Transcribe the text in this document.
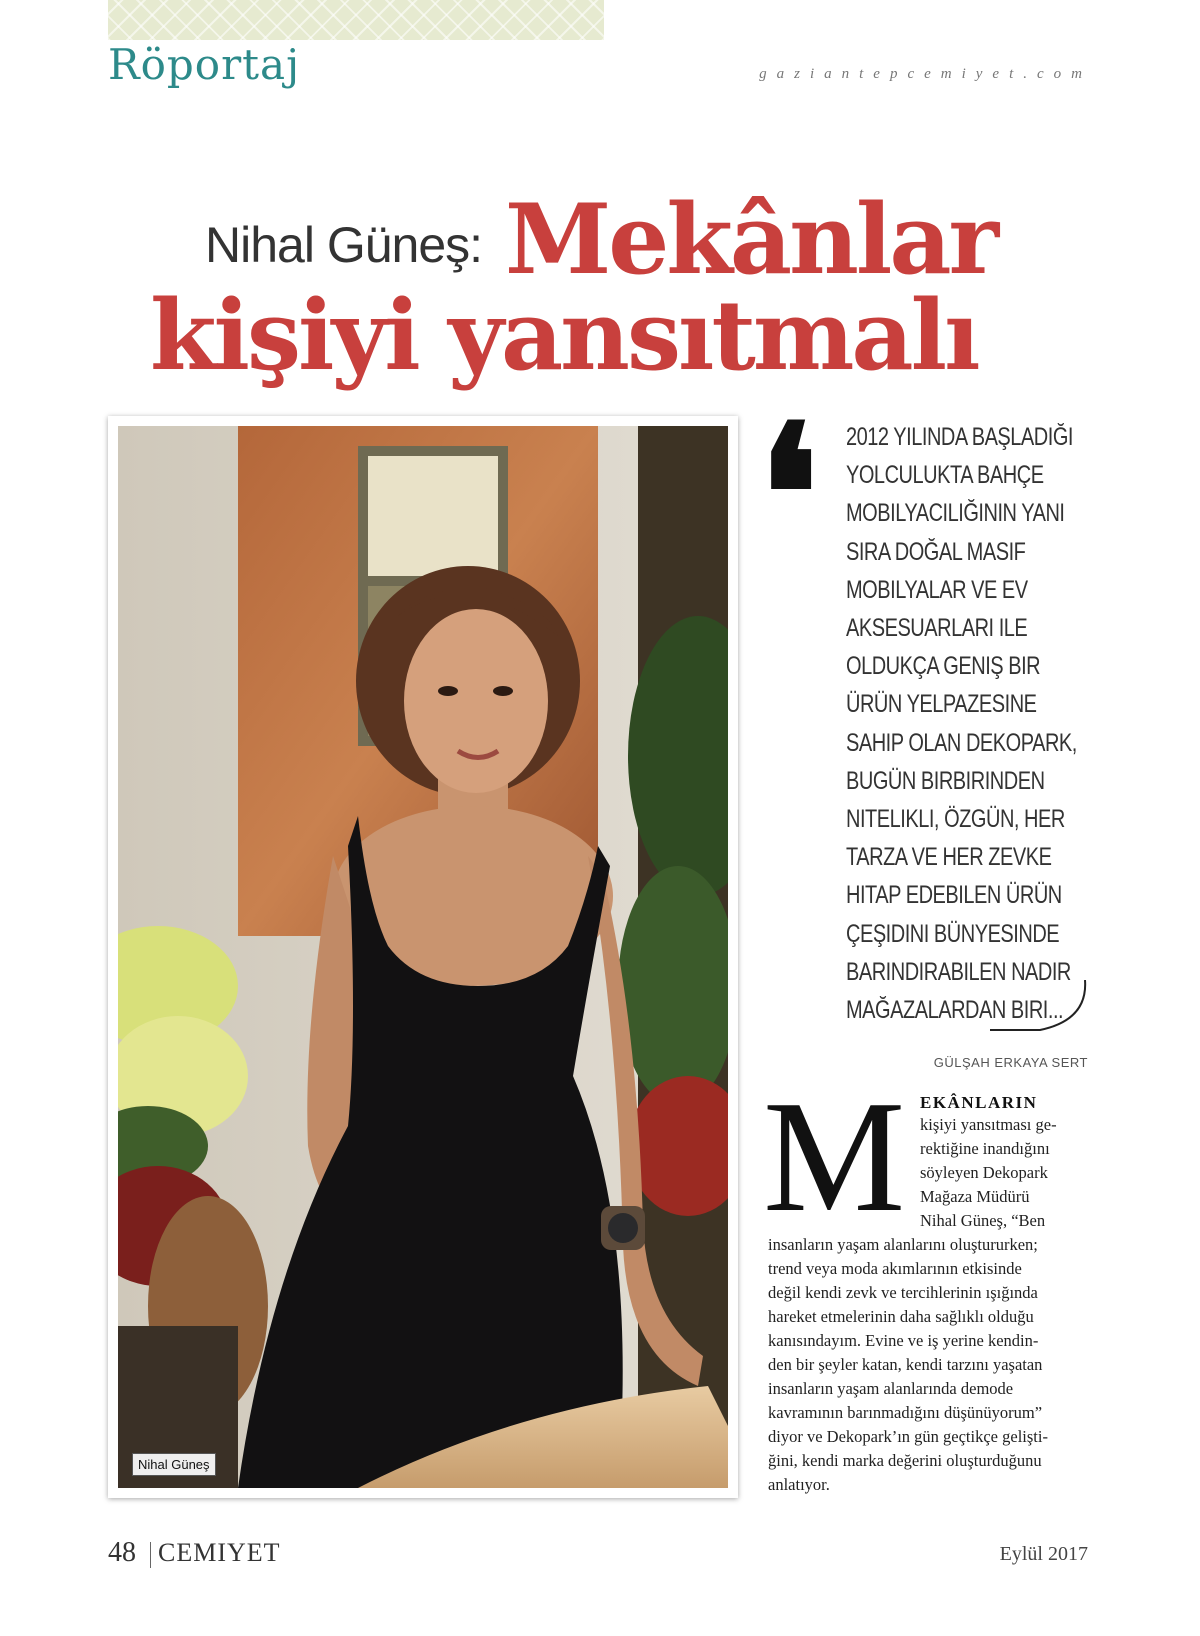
Röportaj	gaziantepcemiyet.com
Nihal Güneş: Mekânlar
kişiyi yansıtmalı
Nihal Güneş
❛ 2012 YILINDA BAŞLADIĞI
YOLCULUKTA BAHÇE
MOBILYACILIĞININ YANI
SIRA DOĞAL MASIF
MOBILYALAR VE EV
AKSESUARLARI ILE
OLDUKÇA GENIŞ BIR
ÜRÜN YELPAZESINE
SAHIP OLAN DEKOPARK,
BUGÜN BIRBIRINDEN
NITELIKLI, ÖZGÜN, HER
TARZA VE HER ZEVKE
HITAP EDEBILEN ÜRÜN
ÇEŞIDINI BÜNYESINDE
BARINDIRABILEN NADIR
MAĞAZALARDAN BIRI...
GÜLŞAH ERKAYA SERT
M EKÂNLARIN
kişiyi yansıtması ge-
rektiğine inandığını
söyleyen Dekopark
Mağaza Müdürü
Nihal Güneş, “Ben
insanların yaşam alanlarını oluştururken;
trend veya moda akımlarının etkisinde
değil kendi zevk ve tercihlerinin ışığında
hareket etmelerinin daha sağlıklı olduğu
kanısındayım. Evine ve iş yerine kendin-
den bir şeyler katan, kendi tarzını yaşatan
insanların yaşam alanlarında demode
kavramının barınmadığını düşünüyorum”
diyor ve Dekopark’ın gün geçtikçe gelişti-
ğini, kendi marka değerini oluşturduğunu
anlatıyor.
48 CEMIYET	Eylül 2017
